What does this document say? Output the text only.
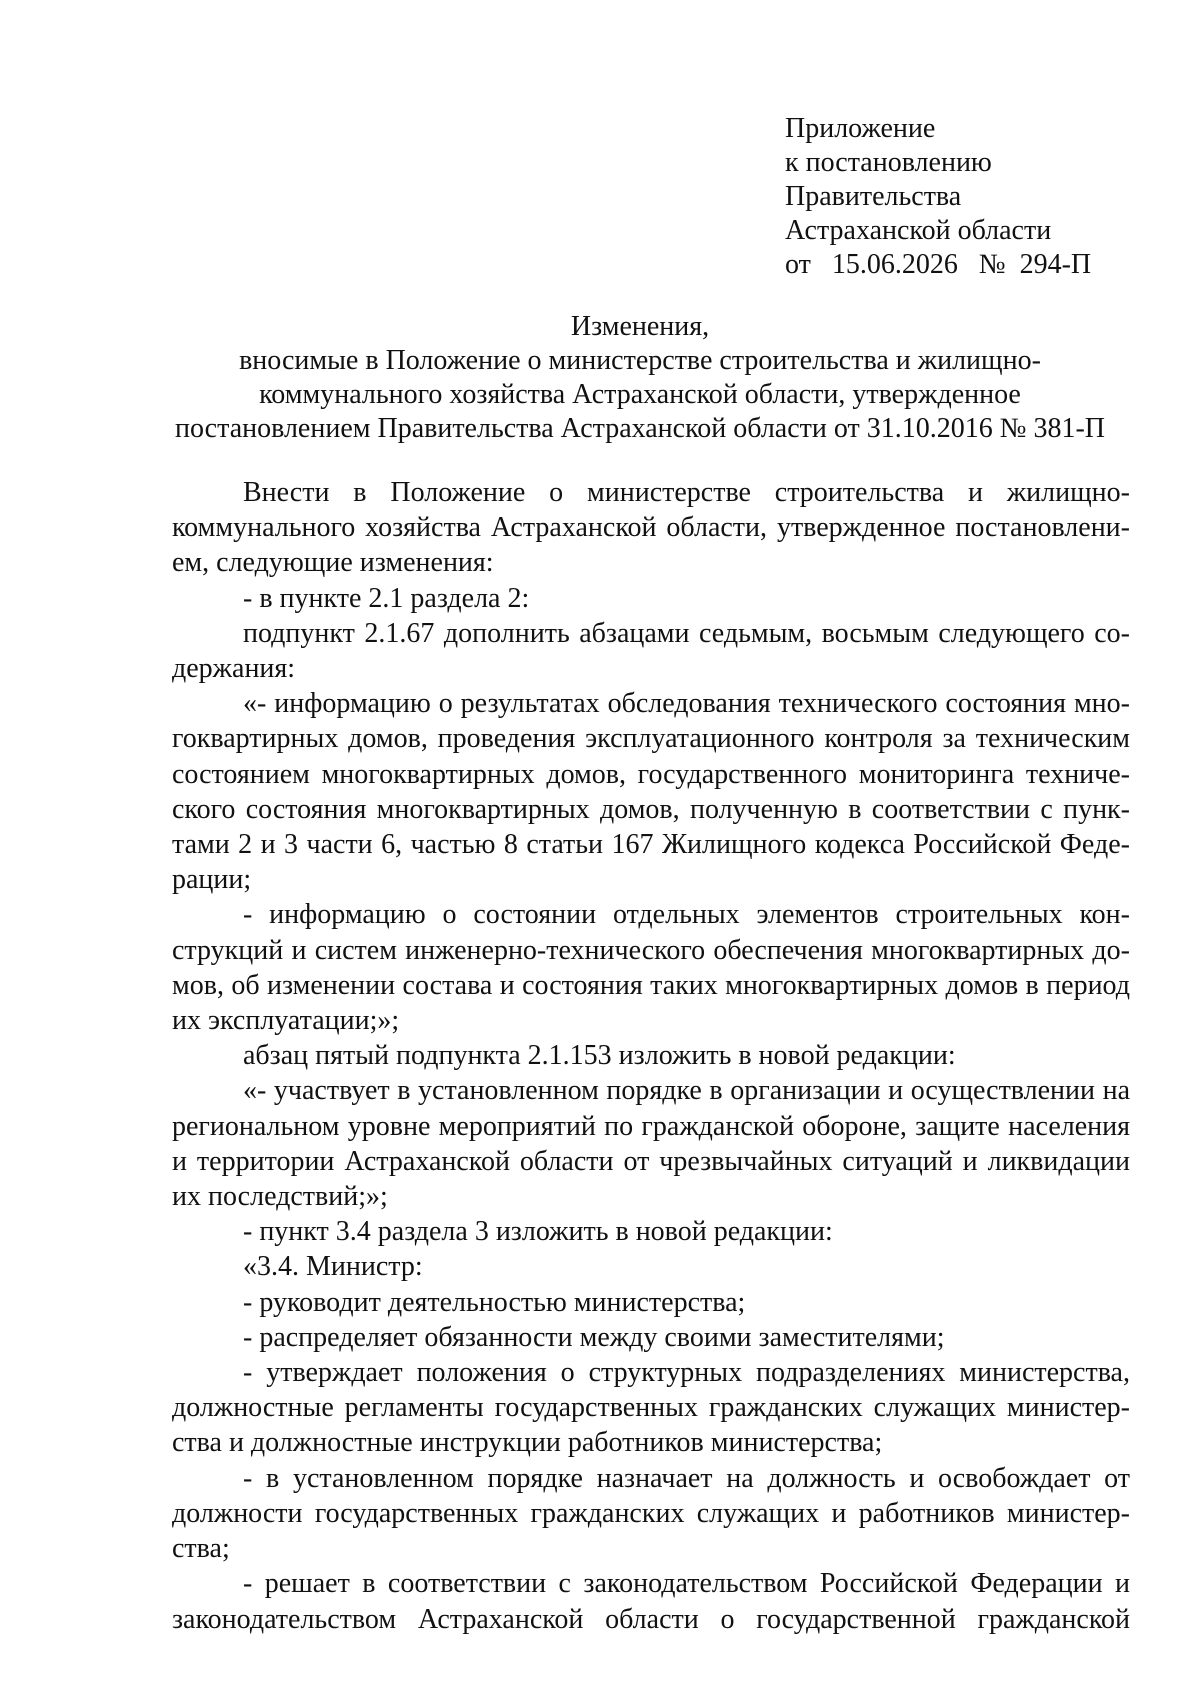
Приложение
к постановлению
Правительства
Астраханской области
от 15.06.2026 № 294-П
Изменения,
вносимые в Положение о министерстве строительства и жилищно-
коммунального хозяйства Астраханской области, утвержденное
постановлением Правительства Астраханской области от 31.10.2016 № 381-П

Внести в Положение о министерстве строительства и жилищно-коммунального хозяйства Астраханской области, утвержденное постановлением, следующие изменения:

- в пункте 2.1 раздела 2:

подпункт 2.1.67 дополнить абзацами седьмым, восьмым следующего содержания:

«- информацию о результатах обследования технического состояния многоквартирных домов, проведения эксплуатационного контроля за техническим состоянием многоквартирных домов, государственного мониторинга технического состояния многоквартирных домов, полученную в соответствии с пунктами 2 и 3 части 6, частью 8 статьи 167 Жилищного кодекса Российской Федерации;

- информацию о состоянии отдельных элементов строительных конструкций и систем инженерно-технического обеспечения многоквартирных домов, об изменении состава и состояния таких многоквартирных домов в период их эксплуатации;»;

абзац пятый подпункта 2.1.153 изложить в новой редакции:

«- участвует в установленном порядке в организации и осуществлении на региональном уровне мероприятий по гражданской обороне, защите населения и территории Астраханской области от чрезвычайных ситуаций и ликвидации их последствий;»;

- пункт 3.4 раздела 3 изложить в новой редакции:

«3.4. Министр:

- руководит деятельностью министерства;

- распределяет обязанности между своими заместителями;

- утверждает положения о структурных подразделениях министерства, должностные регламенты государственных гражданских служащих министерства и должностные инструкции работников министерства;

- в установленном порядке назначает на должность и освобождает от должности государственных гражданских служащих и работников министерства;

- решает в соответствии с законодательством Российской Федерации и законодательством Астраханской области о государственной гражданской
